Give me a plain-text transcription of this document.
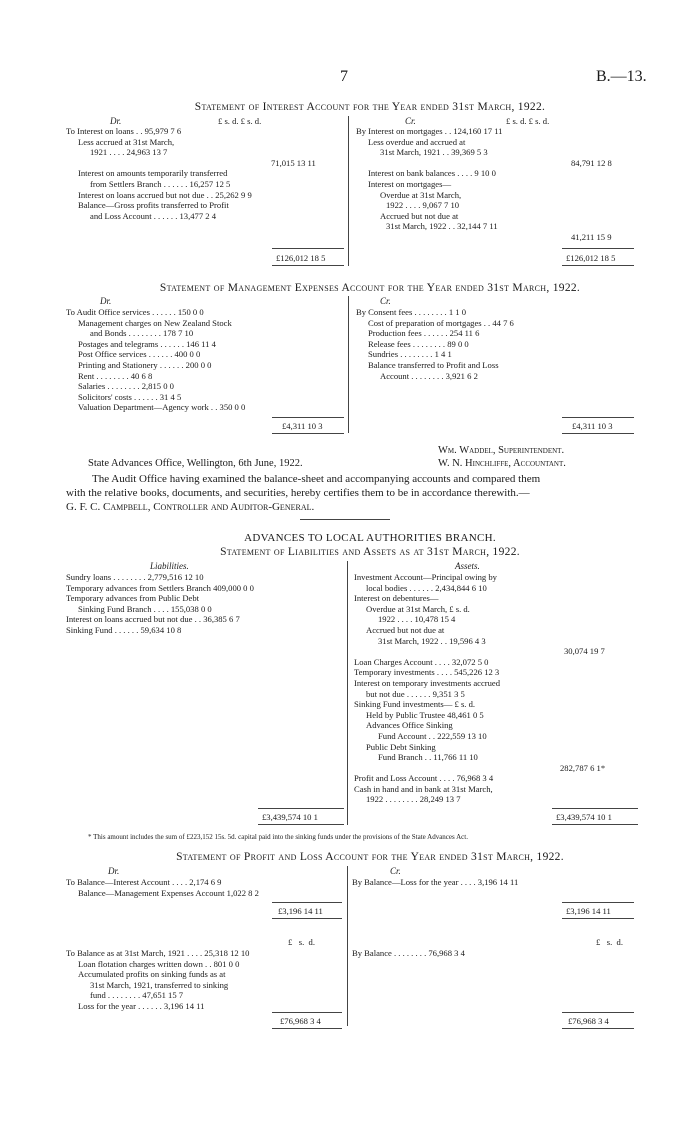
7	B.—13.
Statement of Interest Account for the Year ended 31st March, 1922.
Dr.	Cr.
£ s. d. £ s. d.	£ s. d. £ s. d.
To Interest on loans . . 95,979 7 6
Less accrued at 31st March,
1921 . . . . 24,963 13 7
71,015 13 11
Interest on amounts temporarily transferred
from Settlers Branch . . . . . . 16,257 12 5
Interest on loans accrued but not due . . 25,262 9 9
Balance—Gross profits transferred to Profit
and Loss Account . . . . . . 13,477 2 4
By Interest on mortgages . . 124,160 17 11
Less overdue and accrued at
31st March, 1921 . . 39,369 5 3
84,791 12 8
Interest on bank balances . . . . 9 10 0
Interest on mortgages—
Overdue at 31st March,
1922 . . . . 9,067 7 10
Accrued but not due at
31st March, 1922 . . 32,144 7 11
41,211 15 9
£126,012 18 5	£126,012 18 5
Statement of Management Expenses Account for the Year ended 31st March, 1922.
Dr.	Cr.
To Audit Office services . . . . . . 150 0 0
Management charges on New Zealand Stock
and Bonds . . . . . . . . 178 7 10
Postages and telegrams . . . . . . 146 11 4
Post Office services . . . . . . 400 0 0
Printing and Stationery . . . . . . 200 0 0
Rent . . . . . . . . 40 6 8
Salaries . . . . . . . . 2,815 0 0
Solicitors' costs . . . . . . 31 4 5
Valuation Department—Agency work . . 350 0 0
By Consent fees . . . . . . . . 1 1 0
Cost of preparation of mortgages . . 44 7 6
Production fees . . . . . . 254 11 6
Release fees . . . . . . . . 89 0 0
Sundries . . . . . . . . 1 4 1
Balance transferred to Profit and Loss
Account . . . . . . . . 3,921 6 2
£4,311 10 3	£4,311 10 3
Wm. Waddel, Superintendent.
State Advances Office, Wellington, 6th June, 1922.	W. N. Hinchliffe, Accountant.
The Audit Office having examined the balance-sheet and accompanying accounts and compared them
with the relative books, documents, and securities, hereby certifies them to be in accordance therewith.—
G. F. C. Campbell, Controller and Auditor-General.
ADVANCES TO LOCAL AUTHORITIES BRANCH.
Statement of Liabilities and Assets as at 31st March, 1922.
Liabilities.	Assets.
Sundry loans . . . . . . . . 2,779,516 12 10
Temporary advances from Settlers Branch 409,000 0 0
Temporary advances from Public Debt
Sinking Fund Branch . . . . 155,038 0 0
Interest on loans accrued but not due . . 36,385 6 7
Sinking Fund . . . . . . 59,634 10 8
Investment Account—Principal owing by
local bodies . . . . . . 2,434,844 6 10
Interest on debentures—
Overdue at 31st March, £ s. d.
1922 . . . . 10,478 15 4
Accrued but not due at
31st March, 1922 . . 19,596 4 3
30,074 19 7
Loan Charges Account . . . . 32,072 5 0
Temporary investments . . . . 545,226 12 3
Interest on temporary investments accrued
but not due . . . . . . 9,351 3 5
Sinking Fund investments— £ s. d.
Held by Public Trustee 48,461 0 5
Advances Office Sinking
Fund Account . . 222,559 13 10
Public Debt Sinking
Fund Branch . . 11,766 11 10
282,787 6 1*
Profit and Loss Account . . . . 76,968 3 4
Cash in hand and in bank at 31st March,
1922 . . . . . . . . 28,249 13 7
£3,439,574 10 1	£3,439,574 10 1
* This amount includes the sum of £223,152 15s. 5d. capital paid into the sinking funds under the provisions of the State Advances Act.
Statement of Profit and Loss Account for the Year ended 31st March, 1922.
Dr.	Cr.
To Balance—Interest Account . . . . 2,174 6 9
Balance—Management Expenses Account 1,022 8 2
By Balance—Loss for the year . . . . 3,196 14 11
£3,196 14 11	£3,196 14 11
£   s.  d.	£   s.  d.
To Balance as at 31st March, 1921 . . . . 25,318 12 10
Loan flotation charges written down . . 801 0 0
Accumulated profits on sinking funds as at
31st March, 1921, transferred to sinking
fund . . . . . . . . 47,651 15 7
Loss for the year . . . . . . 3,196 14 11
By Balance . . . . . . . . 76,968 3 4
£76,968 3 4	£76,968 3 4
